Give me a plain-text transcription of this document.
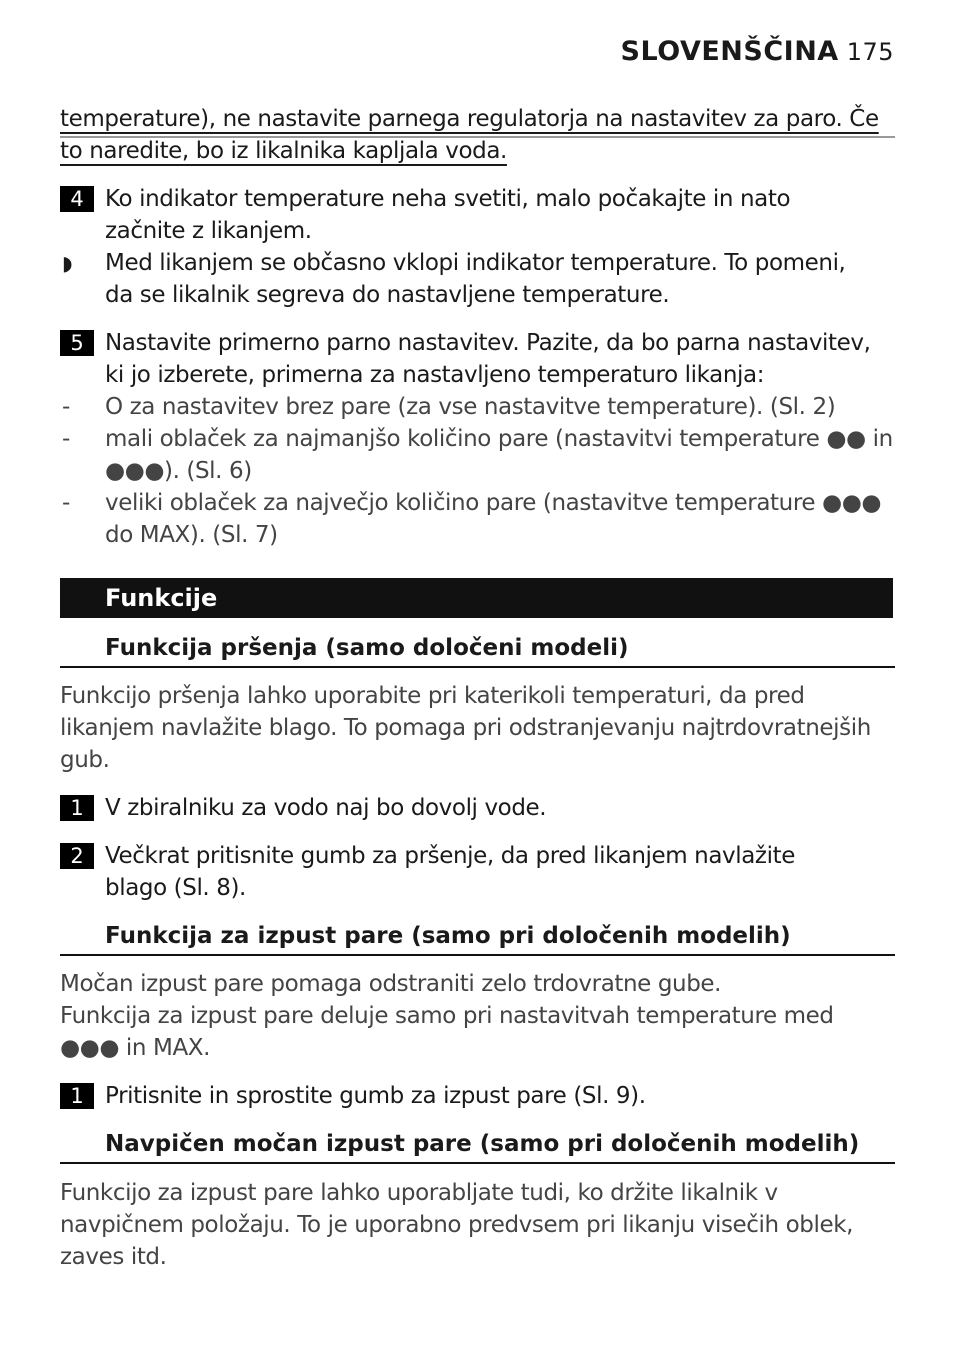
SLOVENŠČINA 175
temperature), ne nastavite parnega regulatorja na nastavitev za paro. Če
to naredite, bo iz likalnika kapljala voda.
4 Ko indikator temperature neha svetiti, malo počakajte in nato
začnite z likanjem.
◗ Med likanjem se občasno vklopi indikator temperature. To pomeni,
da se likalnik segreva do nastavljene temperature.
5 Nastavite primerno parno nastavitev. Pazite, da bo parna nastavitev,
ki jo izberete, primerna za nastavljeno temperaturo likanja:
- O za nastavitev brez pare (za vse nastavitve temperature). (Sl. 2)
- mali oblaček za najmanjšo količino pare (nastavitvi temperature ●● in
●●●). (Sl. 6)
- veliki oblaček za največjo količino pare (nastavitve temperature ●●●
do MAX). (Sl. 7)
Funkcije
Funkcija pršenja (samo določeni modeli)
Funkcijo pršenja lahko uporabite pri katerikoli temperaturi, da pred
likanjem navlažite blago. To pomaga pri odstranjevanju najtrdovratnejših
gub.
1 V zbiralniku za vodo naj bo dovolj vode.
2 Večkrat pritisnite gumb za pršenje, da pred likanjem navlažite
blago (Sl. 8).
Funkcija za izpust pare (samo pri določenih modelih)
Močan izpust pare pomaga odstraniti zelo trdovratne gube.
Funkcija za izpust pare deluje samo pri nastavitvah temperature med
●●● in MAX.
1 Pritisnite in sprostite gumb za izpust pare (Sl. 9).
Navpičen močan izpust pare (samo pri določenih modelih)
Funkcijo za izpust pare lahko uporabljate tudi, ko držite likalnik v
navpičnem položaju. To je uporabno predvsem pri likanju visečih oblek,
zaves itd.
